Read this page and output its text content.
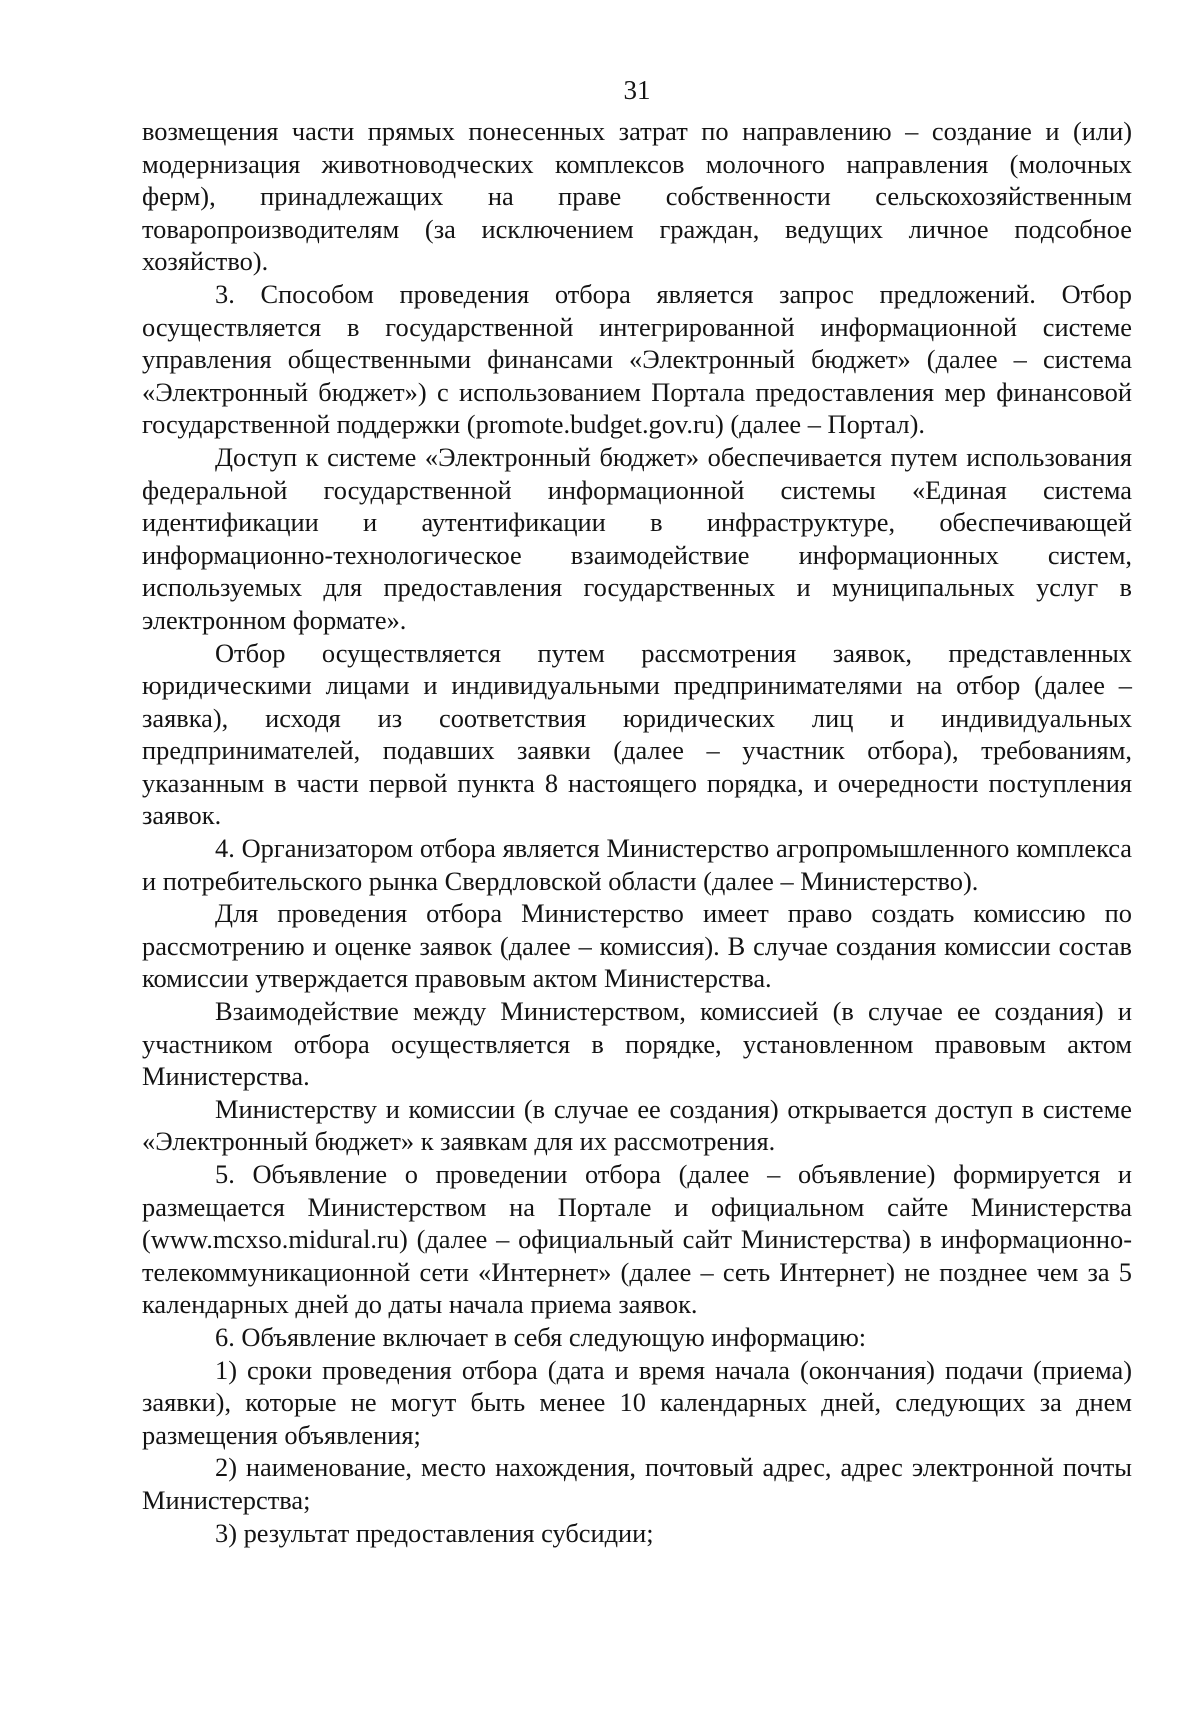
31

возмещения части прямых понесенных затрат по направлению – создание и (или) модернизация животноводческих комплексов молочного направления (молочных ферм), принадлежащих на праве собственности сельскохозяйственным товаропроизводителям (за исключением граждан, ведущих личное подсобное хозяйство).

3. Способом проведения отбора является запрос предложений. Отбор осуществляется в государственной интегрированной информационной системе управления общественными финансами «Электронный бюджет» (далее – система «Электронный бюджет») с использованием Портала предоставления мер финансовой государственной поддержки (promote.budget.gov.ru) (далее – Портал).

Доступ к системе «Электронный бюджет» обеспечивается путем использования федеральной государственной информационной системы «Единая система идентификации и аутентификации в инфраструктуре, обеспечивающей информационно-технологическое взаимодействие информационных систем, используемых для предоставления государственных и муниципальных услуг в электронном формате».

Отбор осуществляется путем рассмотрения заявок, представленных юридическими лицами и индивидуальными предпринимателями на отбор (далее – заявка), исходя из соответствия юридических лиц и индивидуальных предпринимателей, подавших заявки (далее – участник отбора), требованиям, указанным в части первой пункта 8 настоящего порядка, и очередности поступления заявок.

4. Организатором отбора является Министерство агропромышленного комплекса и потребительского рынка Свердловской области (далее – Министерство).

Для проведения отбора Министерство имеет право создать комиссию по рассмотрению и оценке заявок (далее – комиссия). В случае создания комиссии состав комиссии утверждается правовым актом Министерства.

Взаимодействие между Министерством, комиссией (в случае ее создания) и участником отбора осуществляется в порядке, установленном правовым актом Министерства.

Министерству и комиссии (в случае ее создания) открывается доступ в системе «Электронный бюджет» к заявкам для их рассмотрения.

5. Объявление о проведении отбора (далее – объявление) формируется и размещается Министерством на Портале и официальном сайте Министерства (www.mcxso.midural.ru) (далее – официальный сайт Министерства) в информационно-телекоммуникационной сети «Интернет» (далее – сеть Интернет) не позднее чем за 5 календарных дней до даты начала приема заявок.

6. Объявление включает в себя следующую информацию:

1) сроки проведения отбора (дата и время начала (окончания) подачи (приема) заявки), которые не могут быть менее 10 календарных дней, следующих за днем размещения объявления;

2) наименование, место нахождения, почтовый адрес, адрес электронной почты Министерства;

3) результат предоставления субсидии;
